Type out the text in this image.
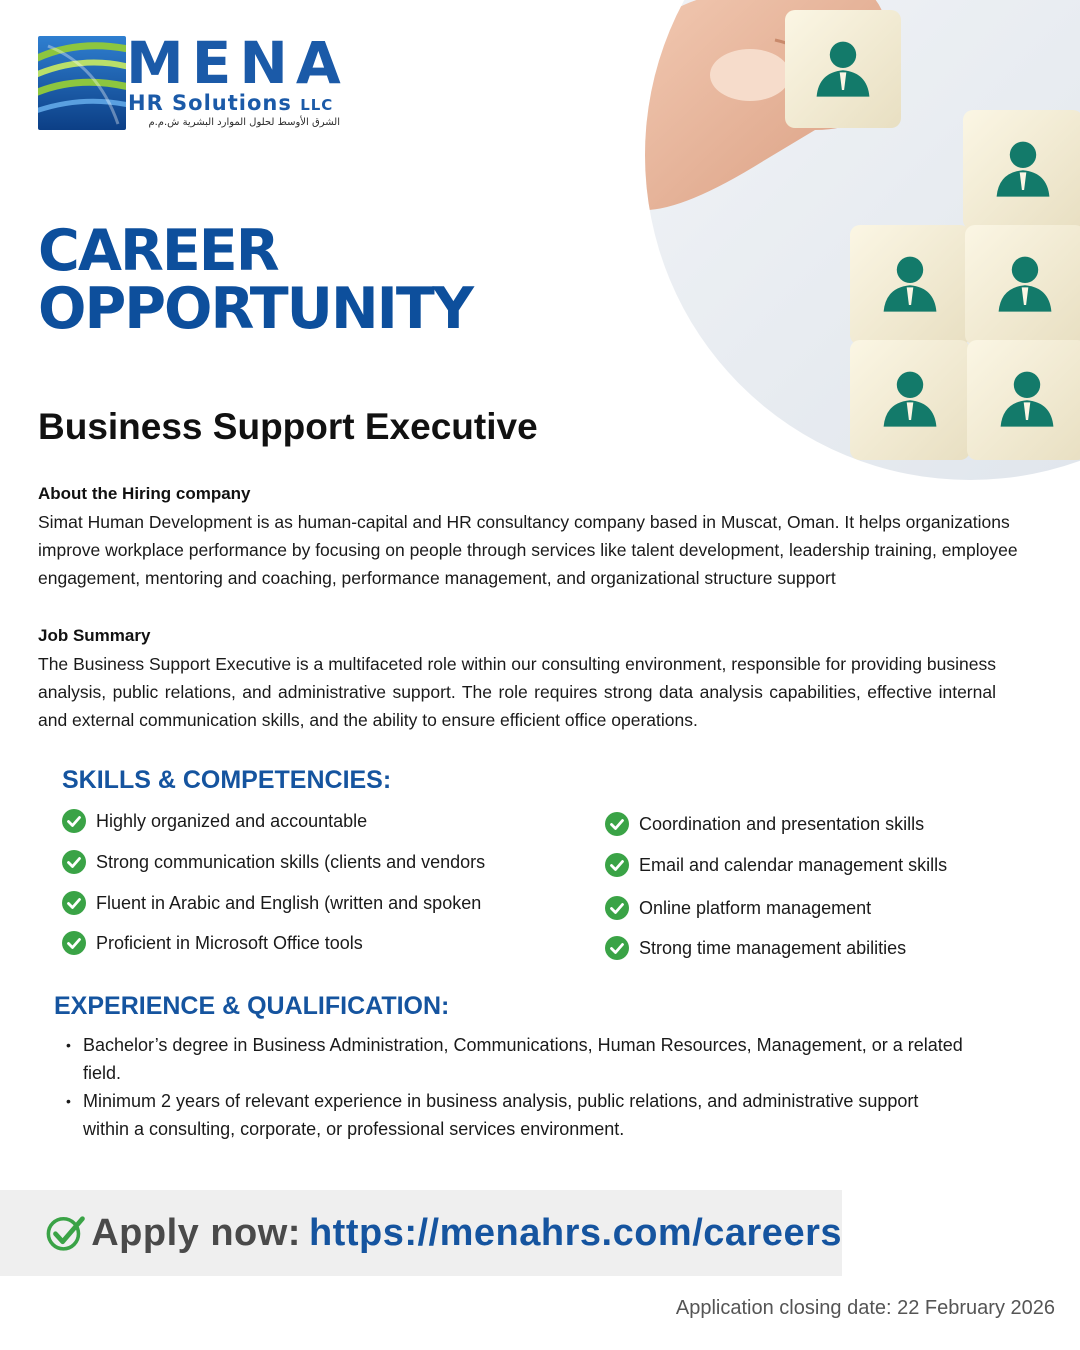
MENA
HR Solutions LLC
الشرق الأوسط لحلول الموارد البشرية ش.م.م
CAREER
OPPORTUNITY
Business Support Executive
About the Hiring company
Simat Human Development is as human-capital and HR consultancy company based in Muscat, Oman. It helps organizations improve workplace performance by focusing on people through services like talent development, leadership training, employee engagement, mentoring and coaching, performance management, and organizational structure support
Job Summary
The Business Support Executive is a multifaceted role within our consulting environment, responsible for providing business analysis, public relations, and administrative support. The role requires strong data analysis capabilities, effective internal and external communication skills, and the ability to ensure efficient office operations.
SKILLS & COMPETENCIES:
Highly organized and accountable
Strong communication skills (clients and vendors
Fluent in Arabic and English (written and spoken
Proficient in Microsoft Office tools
Coordination and presentation skills
Email and calendar management skills
Online platform management
Strong time management abilities
EXPERIENCE & QUALIFICATION:
• Bachelor’s degree in Business Administration, Communications, Human Resources, Management, or a related field.
• Minimum 2 years of relevant experience in business analysis, public relations, and administrative support within a consulting, corporate, or professional services environment.
Apply now: https://menahrs.com/careers
Application closing date: 22 February 2026
